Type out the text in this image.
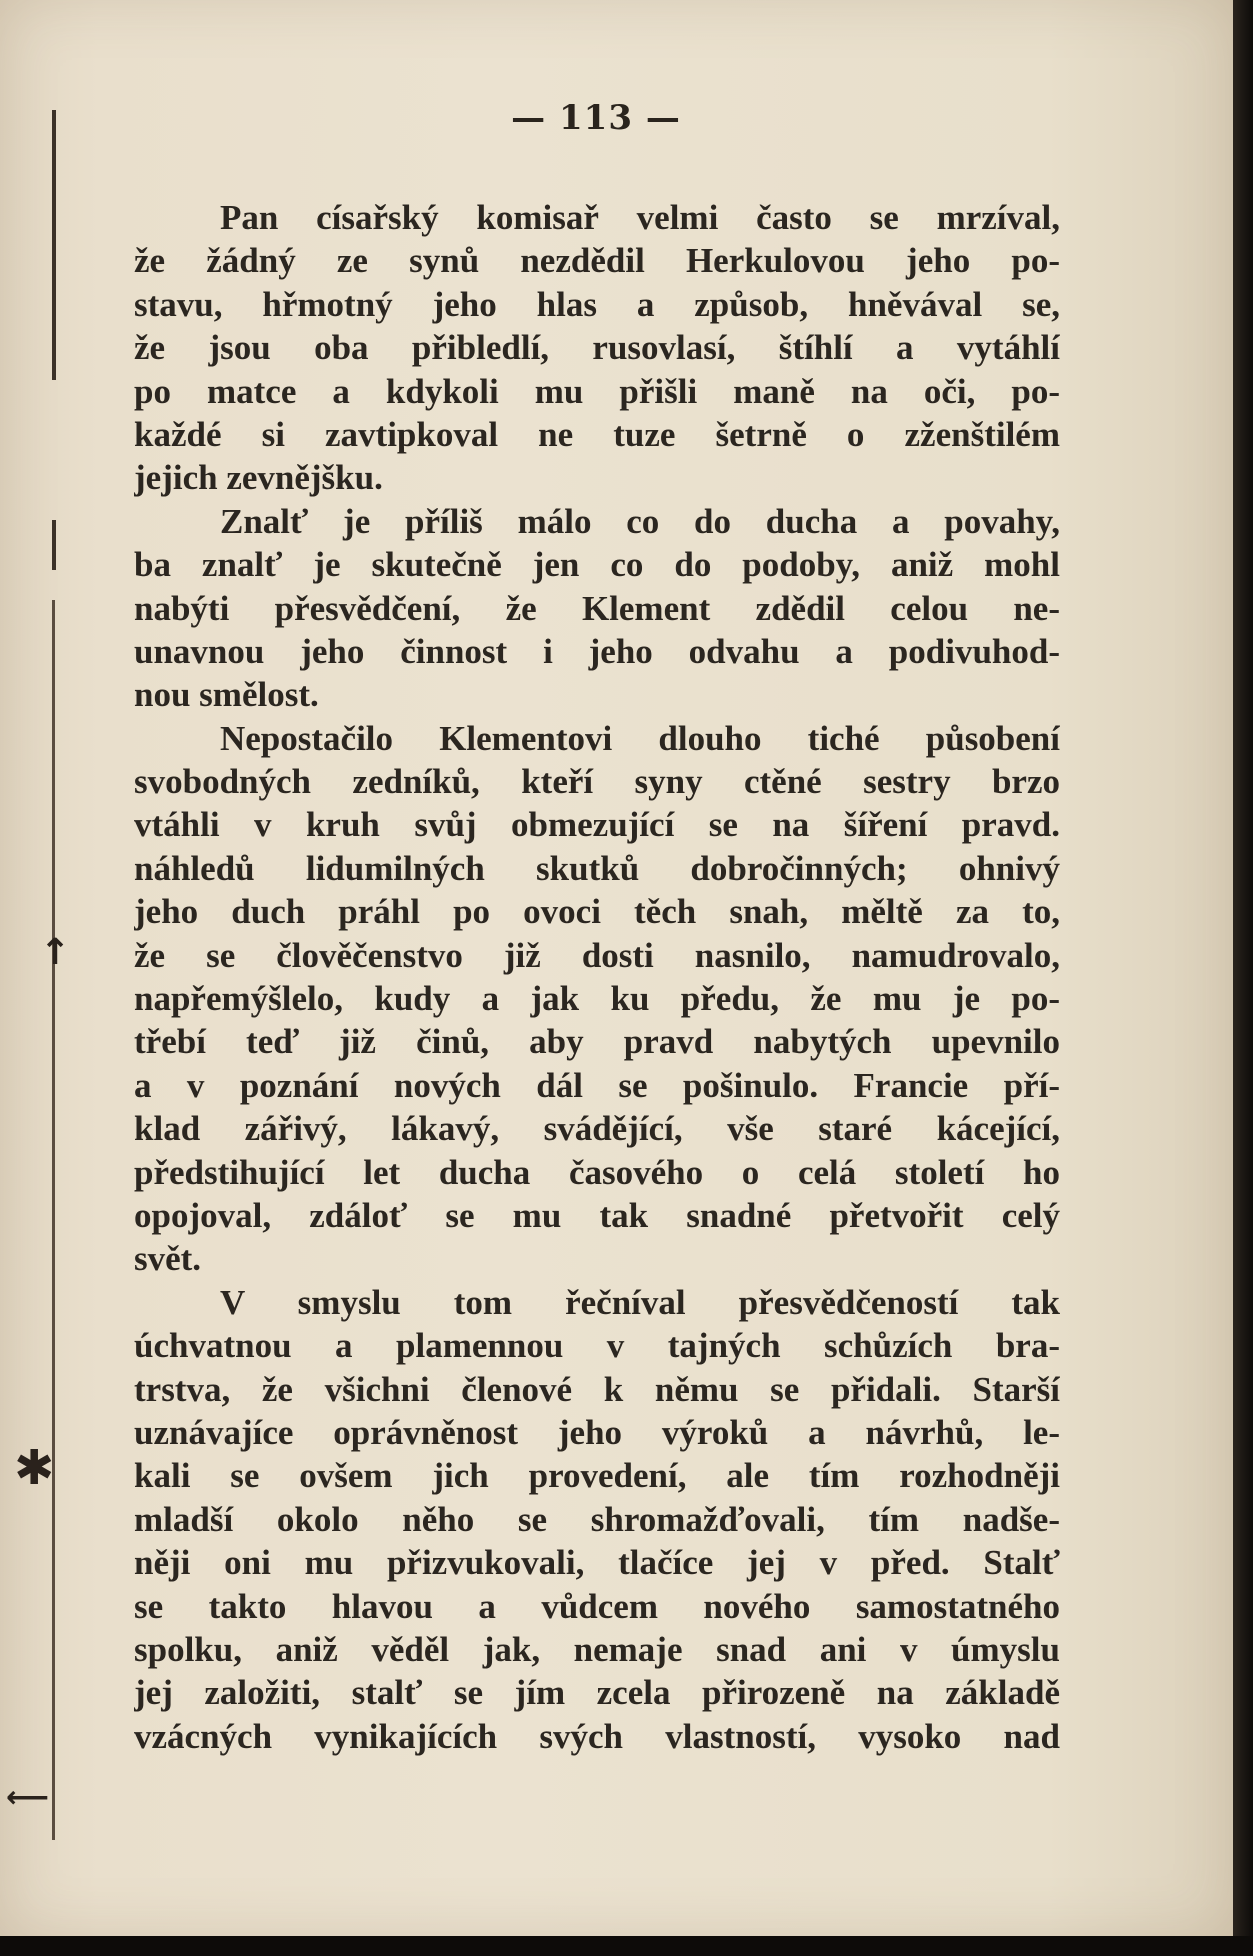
↑
✱
⟵
— 113 —
Pan císařský komisař velmi často se mrzíval,
že žádný ze synů nezdědil Herkulovou jeho po-
stavu, hřmotný jeho hlas a způsob, hněvával se,
že jsou oba přibledlí, rusovlasí, štíhlí a vytáhlí
po matce a kdykoli mu přišli maně na oči, po-
každé si zavtipkoval ne tuze šetrně o zženštilém
jejich zevnějšku.
Znalť je příliš málo co do ducha a povahy,
ba znalť je skutečně jen co do podoby, aniž mohl
nabýti přesvědčení, že Klement zdědil celou ne-
unavnou jeho činnost i jeho odvahu a podivuhod-
nou smělost.
Nepostačilo Klementovi dlouho tiché působení
svobodných zedníků, kteří syny ctěné sestry brzo
vtáhli v kruh svůj obmezující se na šíření pravd.
náhledů lidumilných skutků dobročinných; ohnivý
jeho duch práhl po ovoci těch snah, měltě za to,
že se člověčenstvo již dosti nasnilo, namudrovalo,
napřemýšlelo, kudy a jak ku předu, že mu je po-
třebí teď již činů, aby pravd nabytých upevnilo
a v poznání nových dál se pošinulo. Francie pří-
klad zářivý, lákavý, svádějící, vše staré kácející,
předstihující let ducha časového o celá století ho
opojoval, zdáloť se mu tak snadné přetvořit celý
svět.
V smyslu tom řečníval přesvědčeností tak
úchvatnou a plamennou v tajných schůzích bra-
trstva, že všichni členové k němu se přidali. Starší
uznávajíce oprávněnost jeho výroků a návrhů, le-
kali se ovšem jich provedení, ale tím rozhodněji
mladší okolo něho se shromažďovali, tím nadše-
něji oni mu přizvukovali, tlačíce jej v před. Stalť
se takto hlavou a vůdcem nového samostatného
spolku, aniž věděl jak, nemaje snad ani v úmyslu
jej založiti, stalť se jím zcela přirozeně na základě
vzácných vynikajících svých vlastností, vysoko nad
